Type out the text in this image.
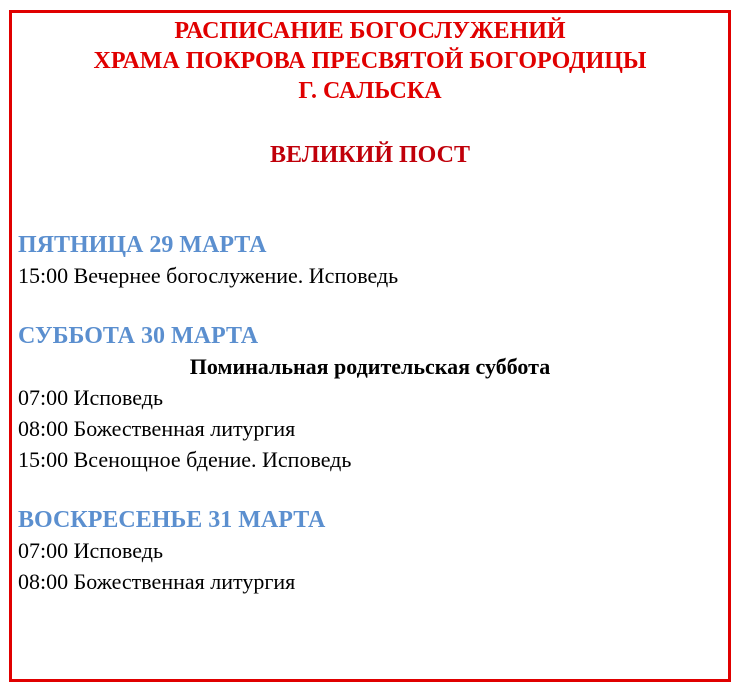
РАСПИСАНИЕ БОГОСЛУЖЕНИЙ
ХРАМА ПОКРОВА ПРЕСВЯТОЙ БОГОРОДИЦЫ
Г. САЛЬСКА
ВЕЛИКИЙ ПОСТ
ПЯТНИЦА 29 МАРТА
15:00 Вечернее богослужение. Исповедь
СУББОТА 30 МАРТА
Поминальная родительская суббота
07:00 Исповедь
08:00 Божественная литургия
15:00 Всенощное бдение. Исповедь
ВОСКРЕСЕНЬЕ 31 МАРТА
07:00 Исповедь
08:00 Божественная литургия
